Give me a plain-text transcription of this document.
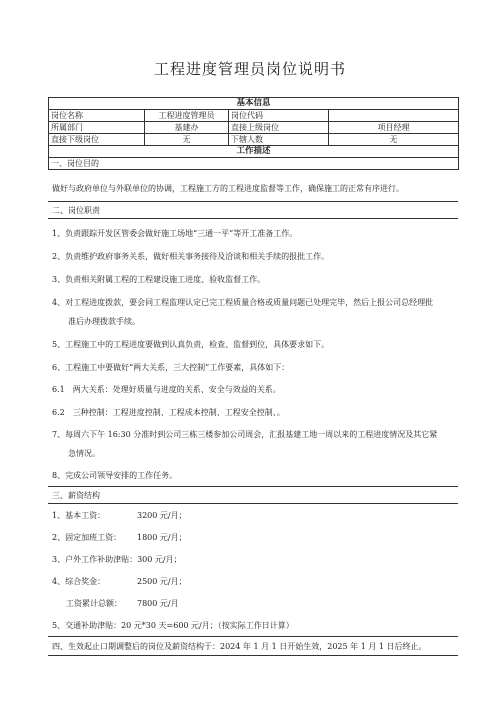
工程进度管理员岗位说明书
基本信息			
岗位名称	工程进度管理员	岗位代码	
所属部门	基建办	直接上级岗位	项目经理
直接下级岗位	无	下辖人数	无
工作描述			
一、岗位目的			
做好与政府单位与外联单位的协调，工程施工方的工程进度监督等工作，确保施工的正常有序进行。
二、岗位职责
1、负责跟踪开发区管委会做好施工场地“三通一平”等开工准备工作。
2、负责维护政府事务关系，做好相关事务接待及洽谈和相关手续的报批工作。
3、负责相关附属工程的工程建设施工进度、验收监督工作。
4、对工程进度拨款，要会同工程监理认定已完工程质量合格或质量问题已处理完毕，然后上报公司总经理批
准后办理拨款手续。
5、工程施工中的工程进度要做到认真负责，检查、监督到位，具体要求如下。
6、工程施工中要做好“两大关系，三大控制”工作要素，具体如下：
6.1　两大关系：处理好质量与进度的关系、安全与效益的关系。
6.2　三种控制：工程进度控制、工程成本控制、工程安全控制、。
7、每周六下午 16:30 分准时到公司三栋三楼参加公司周会，汇报基建工地一周以来的工程进度情况及其它紧
急情况。
8、完成公司领导安排的工作任务。
三、薪资结构
1、基本工资：	3200 元/月；
2、固定加班工资： 1800 元/月；
3、户外工作补助津贴：300 元/月；
4、综合奖金：	2500 元/月；
工资累计总额： 7800 元/月
5、交通补助津贴：20 元*30 天=600 元/月；（按实际工作日计算）
四、生效起止口期调整后的岗位及薪资结构于：2024 年 1 月 1 日开始生效，2025 年 1 月 1 日后终止。
